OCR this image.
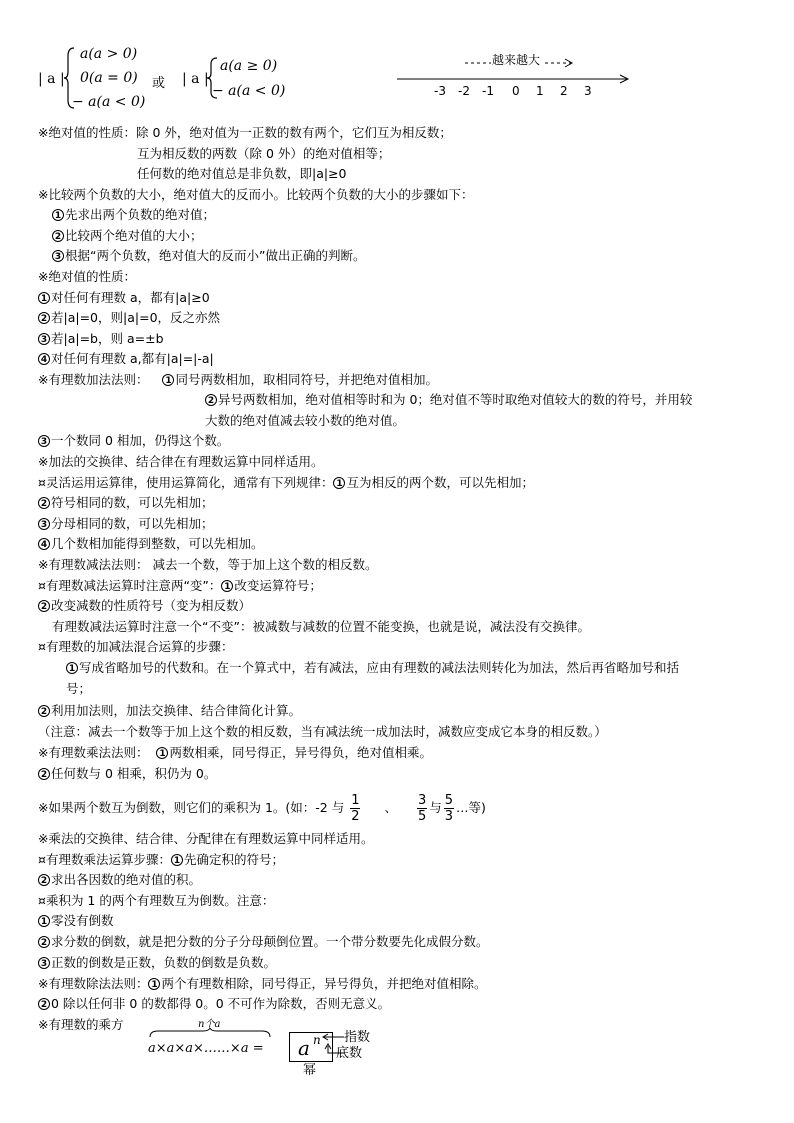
| a |
a(a > 0)
0(a = 0)
− a(a < 0)
或 | a |
a(a ≥ 0)
− a(a < 0)
越来越大
-3 -2 -1 0 1 2 3
※绝对值的性质：除 0 外，绝对值为一正数的数有两个，它们互为相反数；
互为相反数的两数（除 0 外）的绝对值相等；
任何数的绝对值总是非负数，即|a|≥0
※比较两个负数的大小，绝对值大的反而小。比较两个负数的大小的步骤如下：
1 先求出两个负数的绝对值；
2 比较两个绝对值的大小；
3 根据“两个负数，绝对值大的反而小”做出正确的判断。
※绝对值的性质：
1 对任何有理数 a，都有|a|≥0
2 若|a|=0，则|a|=0，反之亦然
3 若|a|=b，则 a=±b
4 对任何有理数 a,都有|a|=|-a|
※有理数加法法则： 1 同号两数相加，取相同符号，并把绝对值相加。
2 异号两数相加，绝对值相等时和为 0；绝对值不等时取绝对值较大的数的符号，并用较
大数的绝对值减去较小数的绝对值。
3 一个数同 0 相加，仍得这个数。
※加法的交换律、结合律在有理数运算中同样适用。
¤灵活运用运算律，使用运算简化，通常有下列规律： 1 互为相反的两个数，可以先相加；
2 符号相同的数，可以先相加；
3 分母相同的数，可以先相加；
4 几个数相加能得到整数，可以先相加。
※有理数减法法则： 减去一个数，等于加上这个数的相反数。
¤有理数减法运算时注意两“变”： 1 改变运算符号；
2 改变减数的性质符号（变为相反数）
有理数减法运算时注意一个“不变”：被减数与减数的位置不能变换，也就是说，减法没有交换律。
¤有理数的加减法混合运算的步骤：
1 写成省略加号的代数和。在一个算式中，若有减法，应由有理数的减法法则转化为加法，然后再省略加号和括
号；
2 利用加法则，加法交换律、结合律简化计算。
（注意：减去一个数等于加上这个数的相反数，当有减法统一成加法时，减数应变成它本身的相反数。）
※有理数乘法法则： 1 两数相乘，同号得正，异号得负，绝对值相乘。
2 任何数与 0 相乘，积仍为 0。
※如果两个数互为倒数，则它们的乘积为 1。(如：-2 与 $\frac{1}{2}$ 、 $\frac{3}{5}$ 与 $\frac{5}{3}$ …等)
※乘法的交换律、结合律、分配律在有理数运算中同样适用。
¤有理数乘法运算步骤： 1 先确定积的符号；
2 求出各因数的绝对值的积。
¤乘积为 1 的两个有理数互为倒数。注意：
1 零没有倒数
2 求分数的倒数，就是把分数的分子分母颠倒位置。一个带分数要先化成假分数。
3 正数的倒数是正数，负数的倒数是负数。
※有理数除法法则： 1 两个有理数相除，同号得正，异号得负，并把绝对值相除。
2 0 除以任何非 0 的数都得 0。0 不可作为除数，否则无意义。
※有理数的乘方	n个a
a×a×a×……×a = a n 指数
底数
幂
